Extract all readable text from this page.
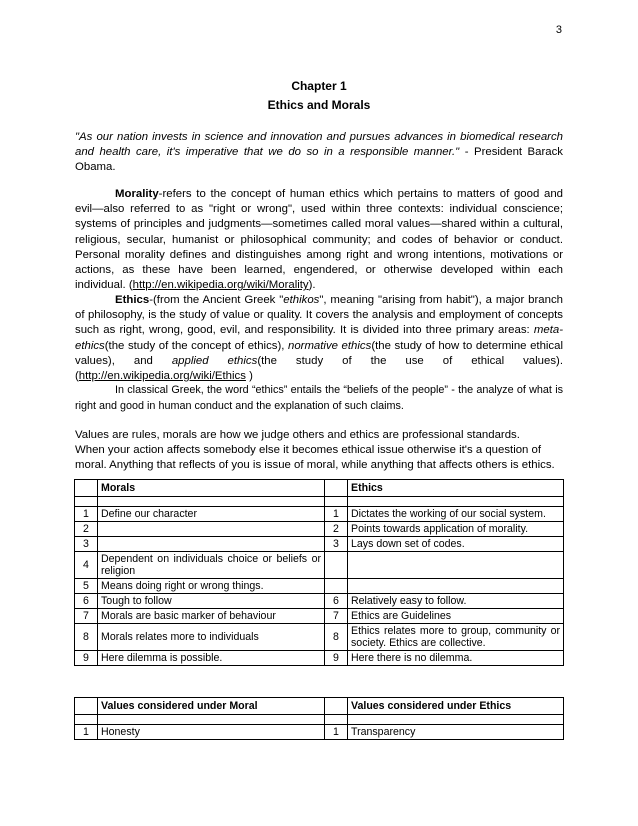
3
Chapter 1
Ethics and Morals

"As our nation invests in science and innovation and pursues advances in biomedical research and health care, it's imperative that we do so in a responsible manner." - President Barack Obama.

Morality-refers to the concept of human ethics which pertains to matters of good and evil—also referred to as "right or wrong", used within three contexts: individual conscience; systems of principles and judgments—sometimes called moral values—shared within a cultural, religious, secular, humanist or philosophical community; and codes of behavior or conduct. Personal morality defines and distinguishes among right and wrong intentions, motivations or actions, as these have been learned, engendered, or otherwise developed within each individual. (http://en.wikipedia.org/wiki/Morality).

Ethics-(from the Ancient Greek "ethikos", meaning "arising from habit"), a major branch of philosophy, is the study of value or quality. It covers the analysis and employment of concepts such as right, wrong, good, evil, and responsibility. It is divided into three primary areas: meta-ethics(the study of the concept of ethics), normative ethics(the study of how to determine ethical values), and applied ethics(the study of the use of ethical values). (http://en.wikipedia.org/wiki/Ethics )

In classical Greek, the word “ethics” entails the “beliefs of the people” - the analyze of what is right and good in human conduct and the explanation of such claims.

Values are rules, morals are how we judge others and ethics are professional standards.

When your action affects somebody else it becomes ethical issue otherwise it's a question of moral. Anything that reflects of you is issue of moral, while anything that affects others is ethics.

	Morals		Ethics

1	Define our character	1	Dictates the working of our social system.
2		2	Points towards application of morality.
3		3	Lays down set of codes.
4	Dependent on individuals choice or beliefs or religion		
5	Means doing right or wrong things.		
6	Tough to follow	6	Relatively easy to follow.
7	Morals are basic marker of behaviour	7	Ethics are Guidelines
8	Morals relates more to individuals	8	Ethics relates more to group, community or society. Ethics are collective.
9	Here dilemma is possible.	9	Here there is no dilemma.
	Values considered under Moral		Values considered under Ethics

1	Honesty	1	Transparency
